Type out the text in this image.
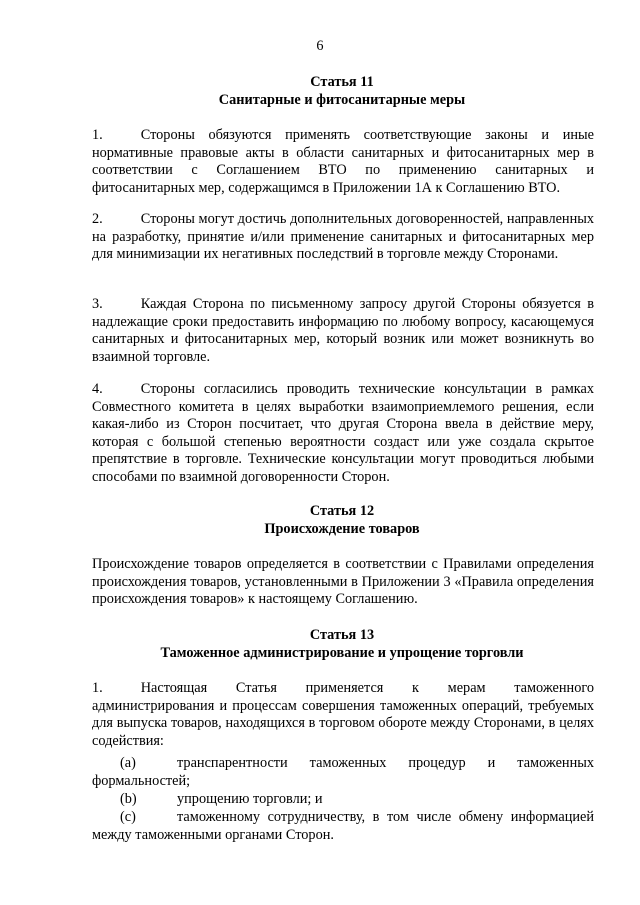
6
Статья 11
Санитарные и фитосанитарные меры
1.	Стороны обязуются применять соответствующие законы и иные нормативные правовые акты в области санитарных и фитосанитарных мер в соответствии с Соглашением ВТО по применению санитарных и фитосанитарных мер, содержащимся в Приложении 1А к Соглашению ВТО.
2.	Стороны могут достичь дополнительных договоренностей, направленных на разработку, принятие и/или применение санитарных и фитосанитарных мер для минимизации их негативных последствий в торговле между Сторонами.
3.	Каждая Сторона по письменному запросу другой Стороны обязуется в надлежащие сроки предоставить информацию по любому вопросу, касающемуся санитарных и фитосанитарных мер, который возник или может возникнуть во взаимной торговле.
4.	Стороны согласились проводить технические консультации в рамках Совместного комитета в целях выработки взаимоприемлемого решения, если какая-либо из Сторон посчитает, что другая Сторона ввела в действие меру, которая с большой степенью вероятности создаст или уже создала скрытое препятствие в торговле. Технические консультации могут проводиться любыми способами по взаимной договоренности Сторон.
Статья 12
Происхождение товаров
Происхождение товаров определяется в соответствии с Правилами определения происхождения товаров, установленными в Приложении 3 «Правила определения происхождения товаров» к настоящему Соглашению.
Статья 13
Таможенное администрирование и упрощение торговли
1.	Настоящая Статья применяется к мерам таможенного администрирования и процессам совершения таможенных операций, требуемых для выпуска товаров, находящихся в торговом обороте между Сторонами, в целях содействия:
(a)	транспарентности таможенных процедур и таможенных формальностей;
(b)	упрощению торговли; и
(c)	таможенному сотрудничеству, в том числе обмену информацией между таможенными органами Сторон.
